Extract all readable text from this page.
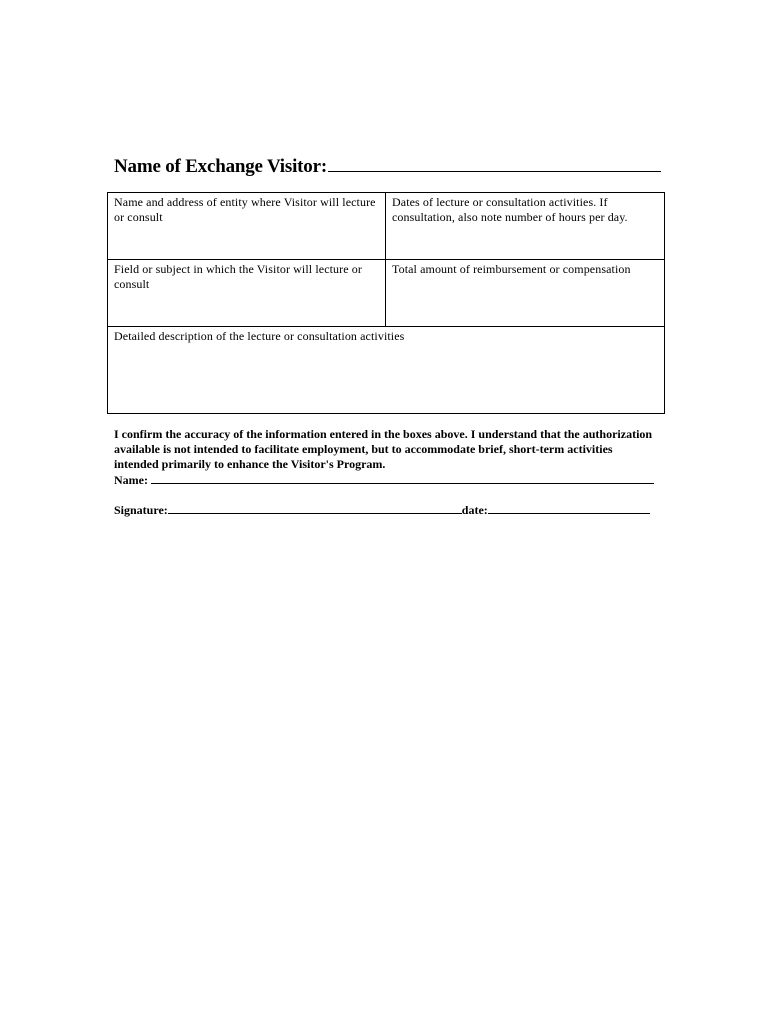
Name of Exchange Visitor:
Name and address of entity where Visitor will lecture or consult	Dates of lecture or consultation activities. If consultation, also note number of hours per day.
Field or subject in which the Visitor will lecture or consult	Total amount of reimbursement or compensation
Detailed description of the lecture or consultation activities	
I confirm the accuracy of the information entered in the boxes above. I understand that the authorization available is not intended to facilitate employment, but to accommodate brief, short-term activities intended primarily to enhance the Visitor's Program.
Name:
Signature:	date:
